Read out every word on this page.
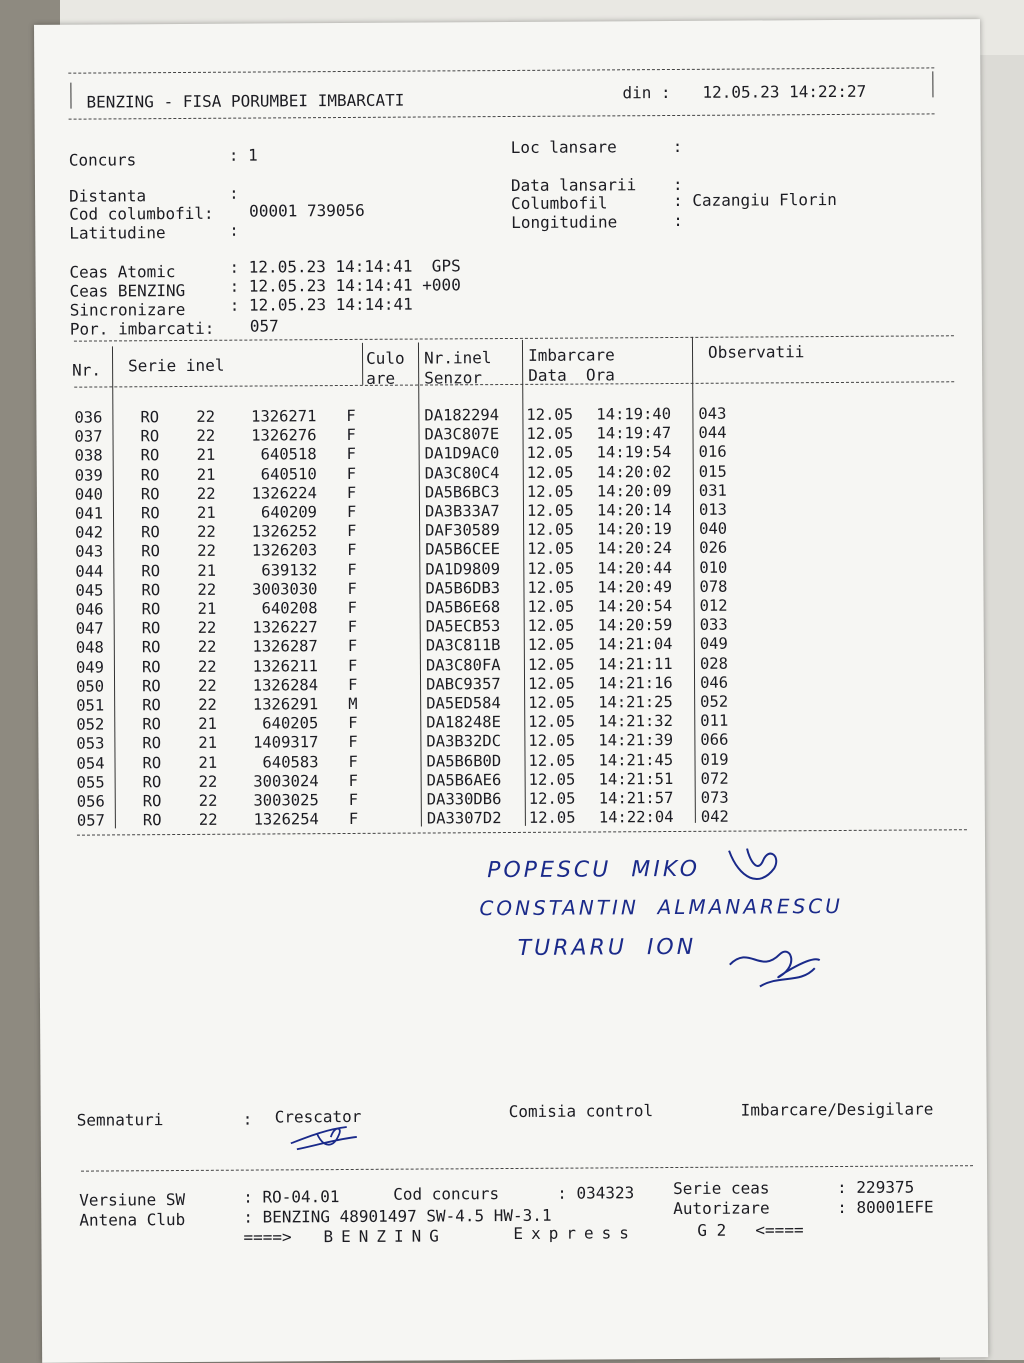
BENZING - FISA PORUMBEI IMBARCATI	din : 12.05.23 14:22:27
Concurs	: 1	Loc lansare	:
Distanta	:
Cod columbofil: 00001 739056
Latitudine	:
Data lansarii :
Columbofil	: Cazangiu Florin
Longitudine	:
Ceas Atomic	: 12.05.23 14:14:41  GPS
Ceas BENZING	: 12.05.23 14:14:41 +000
Sincronizare	: 12.05.23 14:14:41
Por. imbarcati: 057
Nr. Serie inel	Culo
are
Nr.inel
Senzor
Imbarcare
Data  Ora
Observatii
036 RO 22	1326271 F	DA182294 12.05 14:19:40 043
037 RO 22	1326276 F	DA3C807E 12.05 14:19:47 044
038 RO 21	640518 F	DA1D9AC0 12.05 14:19:54 016
039 RO 21	640510 F	DA3C80C4 12.05 14:20:02 015
040 RO 22	1326224 F	DA5B6BC3 12.05 14:20:09 031
041 RO 21	640209 F	DA3B33A7 12.05 14:20:14 013
042 RO 22	1326252 F	DAF30589 12.05 14:20:19 040
043 RO 22	1326203 F	DA5B6CEE 12.05 14:20:24 026
044 RO 21	639132 F	DA1D9809 12.05 14:20:44 010
045 RO 22	3003030 F	DA5B6DB3 12.05 14:20:49 078
046 RO 21	640208 F	DA5B6E68 12.05 14:20:54 012
047 RO 22	1326227 F	DA5ECB53 12.05 14:20:59 033
048 RO 22	1326287 F	DA3C811B 12.05 14:21:04 049
049 RO 22	1326211 F	DA3C80FA 12.05 14:21:11 028
050 RO 22	1326284 F	DABC9357 12.05 14:21:16 046
051 RO 22	1326291 M	DA5ED584 12.05 14:21:25 052
052 RO 21	640205 F	DA18248E 12.05 14:21:32 011
053 RO 21	1409317 F	DA3B32DC 12.05 14:21:39 066
054 RO 21	640583 F	DA5B6B0D 12.05 14:21:45 019
055 RO 22	3003024 F	DA5B6AE6 12.05 14:21:51 072
056 RO 22	3003025 F	DA330DB6 12.05 14:21:57 073
057 RO 22	1326254 F	DA3307D2 12.05 14:22:04 042
POPESCU  MIKO
CONSTANTIN  ALMANARESCU
TURARU  ION
Semnaturi	: Crescator	Comisia control	Imbarcare/Desigilare
Versiune SW	: RO-04.01	Cod concurs	: 034323 Serie ceas	: 229375
Antena Club	: BENZING 48901497 SW-4.5 HW-3.1	Autorizare	: 80001EFE
====> BENZING	Express	G 2 <====
